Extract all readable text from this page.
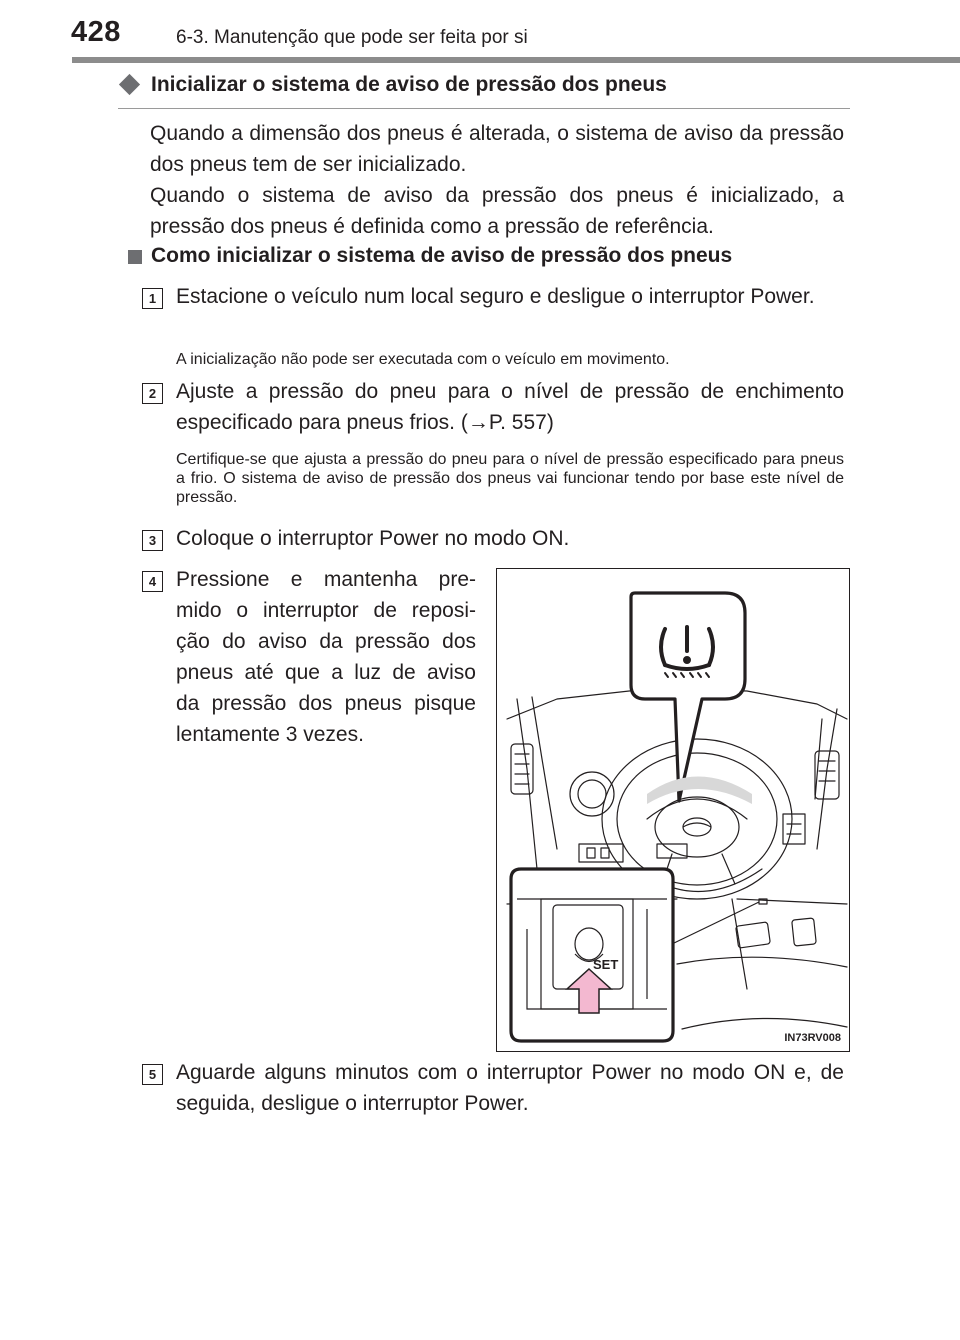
428	6-3. Manutenção que pode ser feita por si
Inicializar o sistema de aviso de pressão dos pneus
Quando a dimensão dos pneus é alterada, o sistema de aviso da pressão dos pneus tem de ser inicializado.
Quando o sistema de aviso da pressão dos pneus é inicializado, a pressão dos pneus é definida como a pressão de referência.
Como inicializar o sistema de aviso de pressão dos pneus
1 Estacione o veículo num local seguro e desligue o interruptor Power.
A inicialização não pode ser executada com o veículo em movimento.
2 Ajuste a pressão do pneu para o nível de pressão de enchimento especificado para pneus frios. (→P. 557)
Certifique-se que ajusta a pressão do pneu para o nível de pressão especificado para pneus a frio. O sistema de aviso de pressão dos pneus vai funcionar tendo por base este nível de pressão.
3 Coloque o interruptor Power no modo ON.
4 Pressione e mantenha pre-
mido o interruptor de reposi-
ção do aviso da pressão dos
pneus até que a luz de aviso
da pressão dos pneus pisque
lentamente 3 vezes.
SET
IN73RV008
5 Aguarde alguns minutos com o interruptor Power no modo ON e, de seguida, desligue o interruptor Power.
